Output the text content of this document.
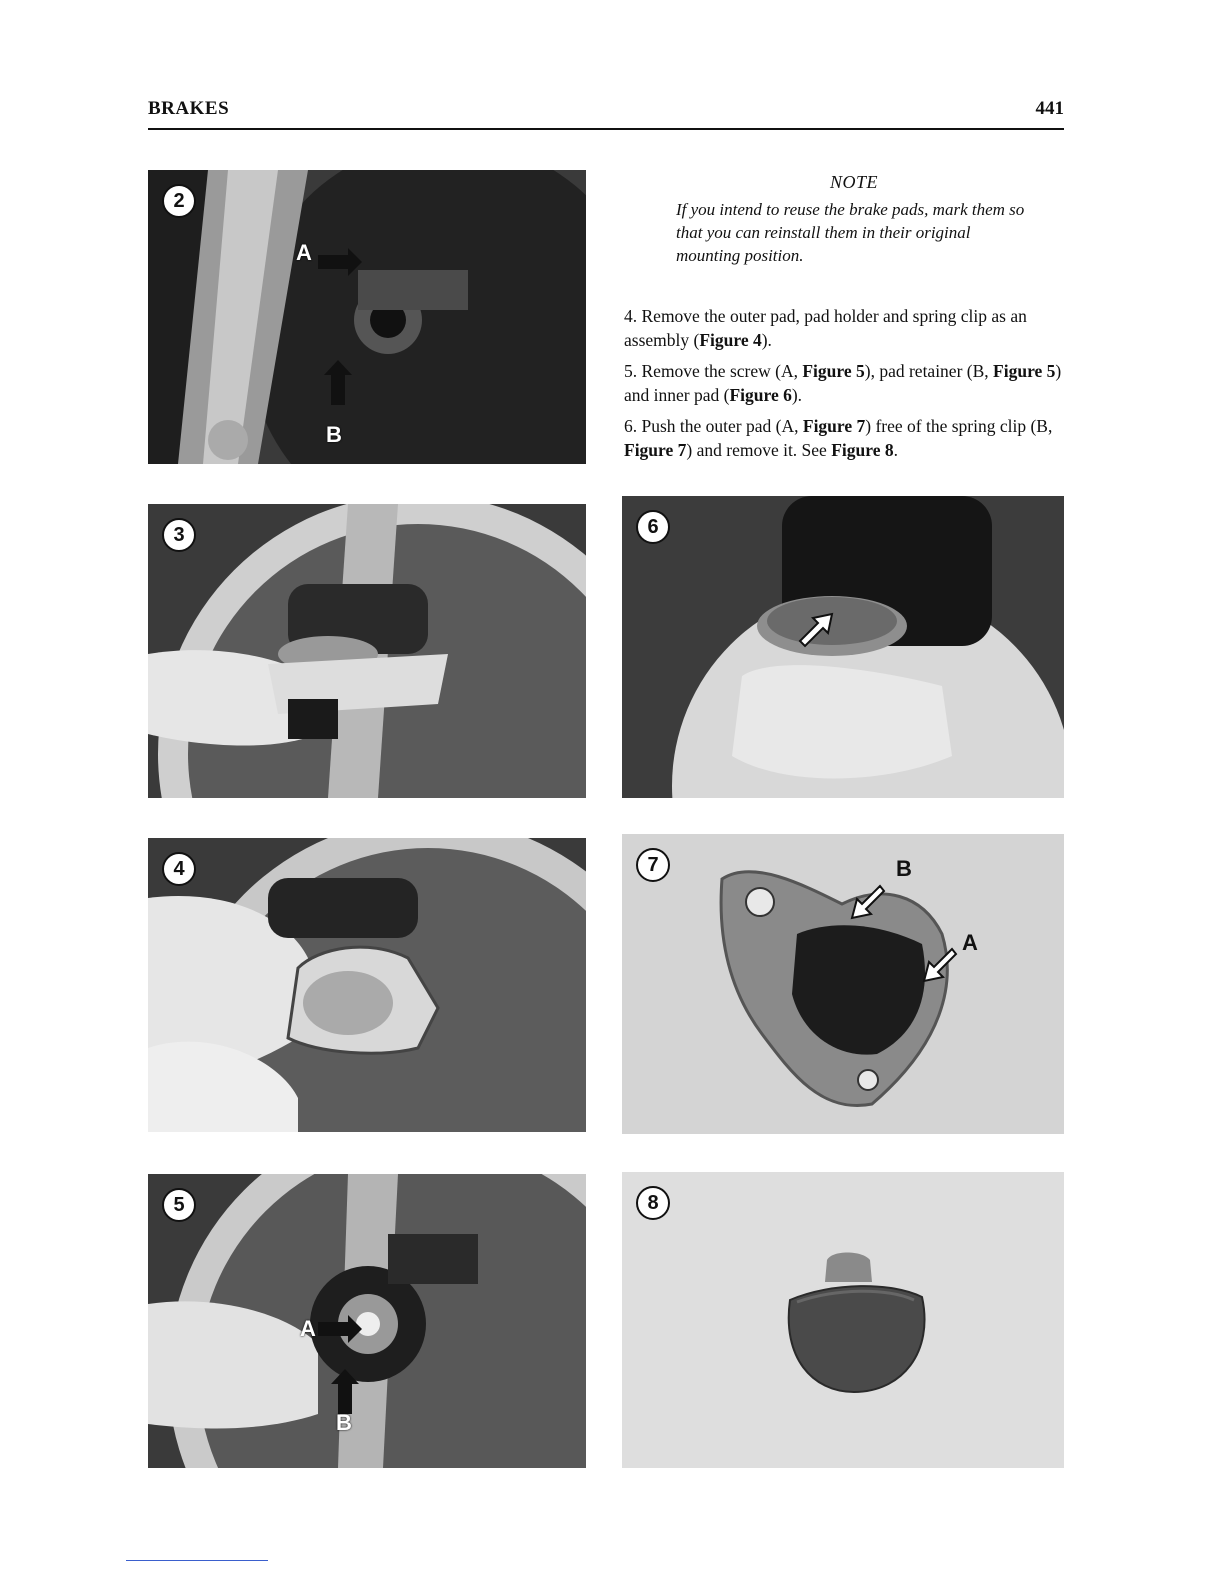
BRAKES	441
2
A
B
NOTE
If you intend to reuse the brake pads, mark them so that you can reinstall them in their original mounting position.

4. Remove the outer pad, pad holder and spring clip as an assembly (Figure 4).

5. Remove the screw (A, Figure 5), pad retainer (B, Figure 5) and inner pad (Figure 6).

6. Push the outer pad (A, Figure 7) free of the spring clip (B, Figure 7) and remove it. See Figure 8.

3	6
4	7	B
A
5
A
B
8
